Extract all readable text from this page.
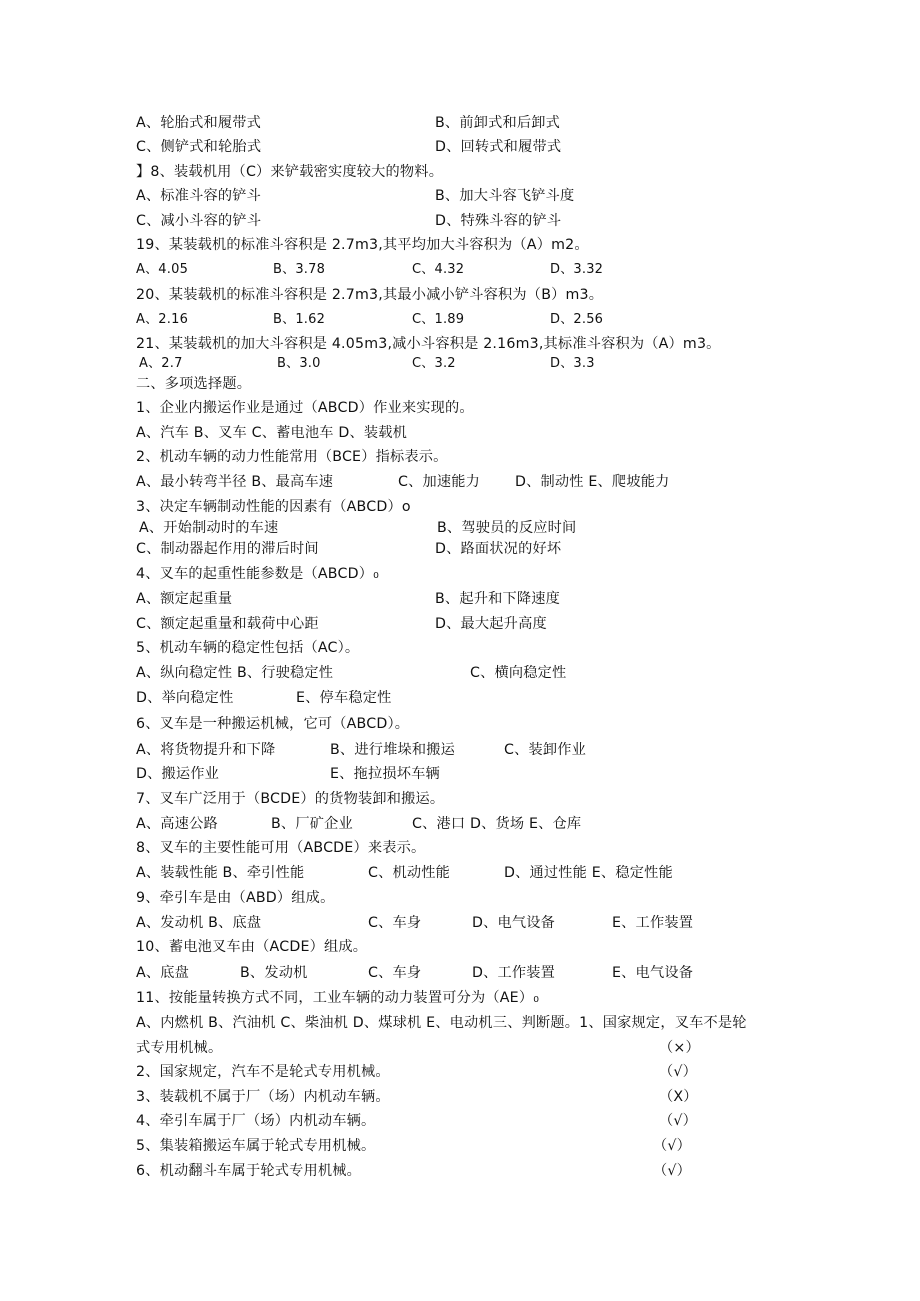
A、轮胎式和履带式	B、前卸式和后卸式
C、侧铲式和轮胎式	D、回转式和履带式
】8、装载机用（C）来铲载密实度较大的物料。
A、标准斗容的铲斗	B、加大斗容飞铲斗度
C、减小斗容的铲斗	D、特殊斗容的铲斗
19、某装载机的标准斗容积是 2.7m3,其平均加大斗容积为（A）m2。
A、4.05	B、3.78	C、4.32	D、3.32
20、某装载机的标准斗容积是 2.7m3,其最小减小铲斗容积为（B）m3。
A、2.16	B、1.62	C、1.89	D、2.56
21、某装载机的加大斗容积是 4.05m3,减小斗容积是 2.16m3,其标准斗容积为（A）m3。
A、2.7	B、3.0	C、3.2	D、3.3
二、多项选择题。
1、企业内搬运作业是通过（ABCD）作业来实现的。
A、汽车 B、叉车 C、蓄电池车 D、装载机
2、机动车辆的动力性能常用（BCE）指标表示。
A、最小转弯半径 B、最高车速	C、加速能力 D、制动性 E、爬坡能力
3、决定车辆制动性能的因素有（ABCD）o
A、开始制动时的车速	B、驾驶员的反应时间
C、制动器起作用的滞后时间	D、路面状况的好坏
4、叉车的起重性能参数是（ABCD）₀
A、额定起重量	B、起升和下降速度
C、额定起重量和载荷中心距	D、最大起升高度
5、机动车辆的稳定性包括（AC）。
A、纵向稳定性 B、行驶稳定性	C、横向稳定性
D、举向稳定性	E、停车稳定性
6、叉车是一种搬运机械，它可（ABCD）。
A、将货物提升和下降	B、进行堆垛和搬运	C、装卸作业
D、搬运作业	E、拖拉损坏车辆
7、叉车广泛用于（BCDE）的货物装卸和搬运。
A、高速公路	B、厂矿企业	C、港口 D、货场 E、仓库
8、叉车的主要性能可用（ABCDE）来表示。
A、装载性能 B、牵引性能	C、机动性能	D、通过性能 E、稳定性能
9、牵引车是由（ABD）组成。
A、发动机 B、底盘	C、车身	D、电气设备	E、工作装置
10、蓄电池叉车由（ACDE）组成。
A、底盘	B、发动机	C、车身	D、工作装置	E、电气设备
11、按能量转换方式不同，工业车辆的动力装置可分为（AE）₀
A、内燃机 B、汽油机 C、柴油机 D、煤球机 E、电动机三、判断题。1、国家规定，叉车不是轮
式专用机械。	（×）
2、国家规定，汽车不是轮式专用机械。	（√）
3、装载机不属于厂（场）内机动车辆。	（X）
4、牵引车属于厂（场）内机动车辆。	（√）
5、集装箱搬运车属于轮式专用机械。	（√）
6、机动翻斗车属于轮式专用机械。	（√）
